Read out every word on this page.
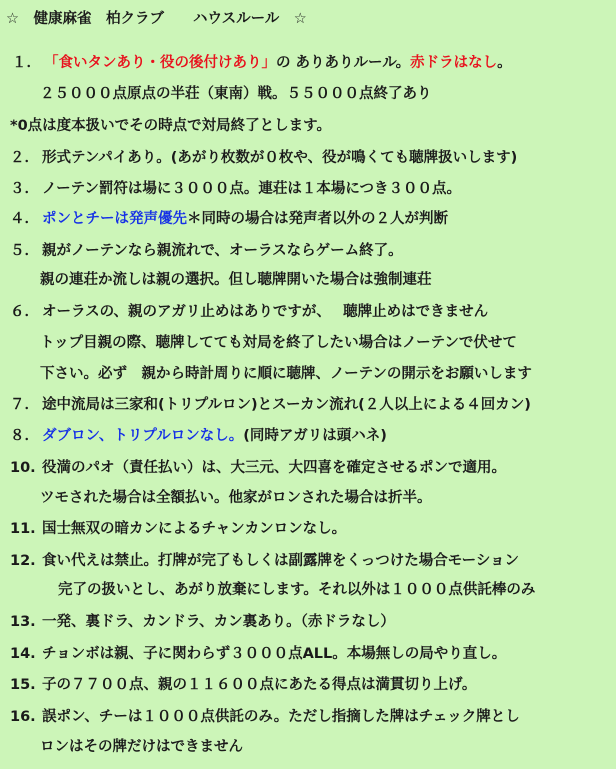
☆　健康麻雀　柏クラブ　　ハウスルール　☆
１． 「食いタンあり・役の後付けあり」の ありありルール。赤ドラはなし。
２５０００点原点の半荘（東南）戦。５５０００点終了あり
*0点は度本扱いでその時点で対局終了とします。
２． 形式テンパイあり。(あがり枚数が０枚や、役が鳴くても聴牌扱いします)
３． ノーテン罰符は場に３０００点。連荘は１本場につき３００点。
４． ポンとチーは発声優先＊同時の場合は発声者以外の２人が判断
５． 親がノーテンなら親流れで、オーラスならゲーム終了。
親の連荘か流しは親の選択。但し聴牌開いた場合は強制連荘
６． オーラスの、親のアガリ止めはありですが、　 聴牌止めはできません
トップ目親の際、聴牌してても対局を終了したい場合はノーテンで伏せて
下さい。必ず　親から時計周りに順に聴牌、ノーテンの開示をお願いします
７． 途中流局は三家和(トリプルロン)とスーカン流れ(２人以上による４回カン)
８． ダブロン、トリプルロンなし。(同時アガリは頭ハネ)
10. 役満のパオ（責任払い）は、大三元、大四喜を確定させるポンで適用。
ツモされた場合は全額払い。他家がロンされた場合は折半。
11. 国士無双の暗カンによるチャンカンロンなし。
12. 食い代えは禁止。打牌が完了もしくは副露牌をくっつけた場合モーション
完了の扱いとし、あがり放棄にします。それ以外は１０００点供託棒のみ
13. 一発、裏ドラ、カンドラ、カン裏あり。（赤ドラなし）
14. チョンボは親、子に関わらず３０００点ALL。本場無しの局やり直し。
15. 子の７７００点、親の１１６００点にあたる得点は満貫切り上げ。
16. 誤ポン、チーは１０００点供託のみ。ただし指摘した牌はチェック牌とし
ロンはその牌だけはできません
